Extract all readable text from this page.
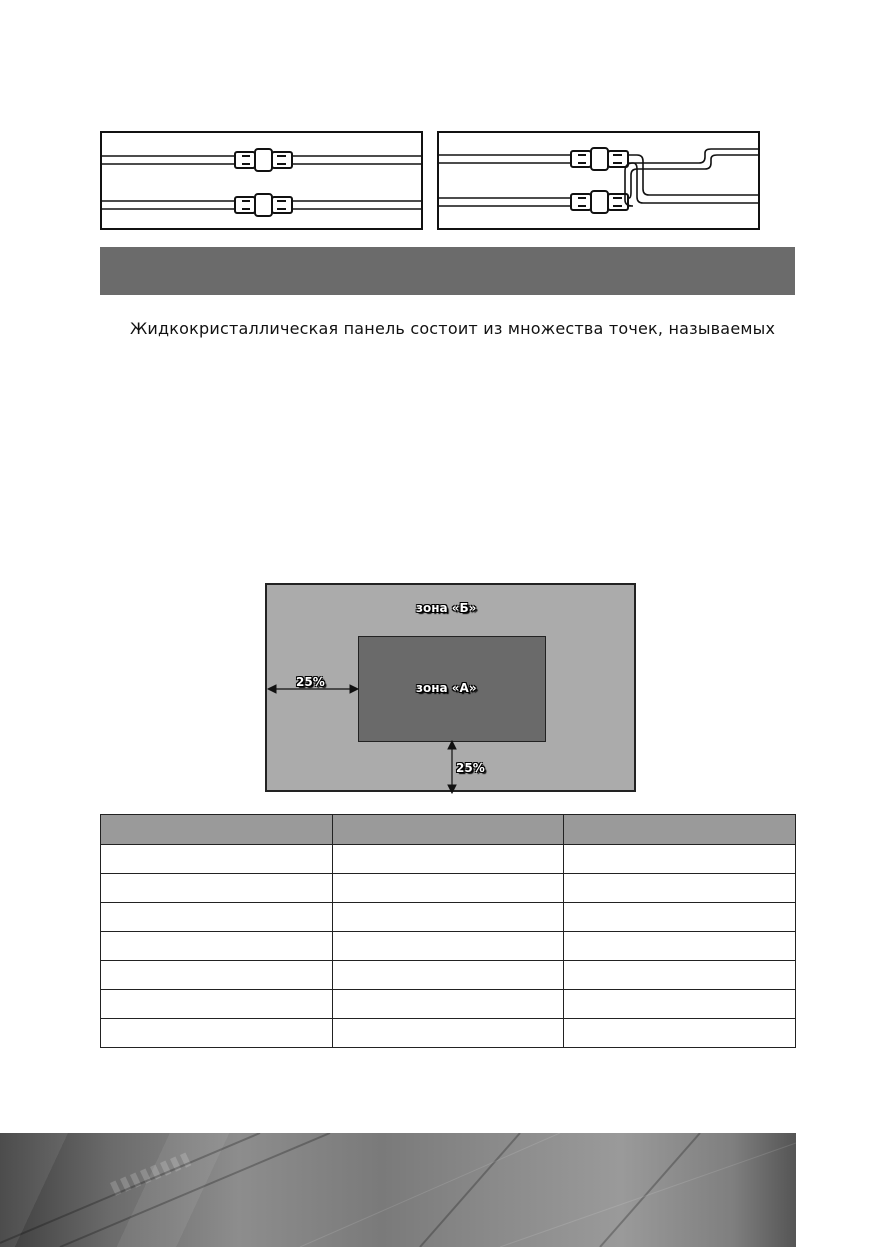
Жидкокристаллическая панель состоит из множества точек, называемых
зона «Б»
зона «А»
25%
25%
